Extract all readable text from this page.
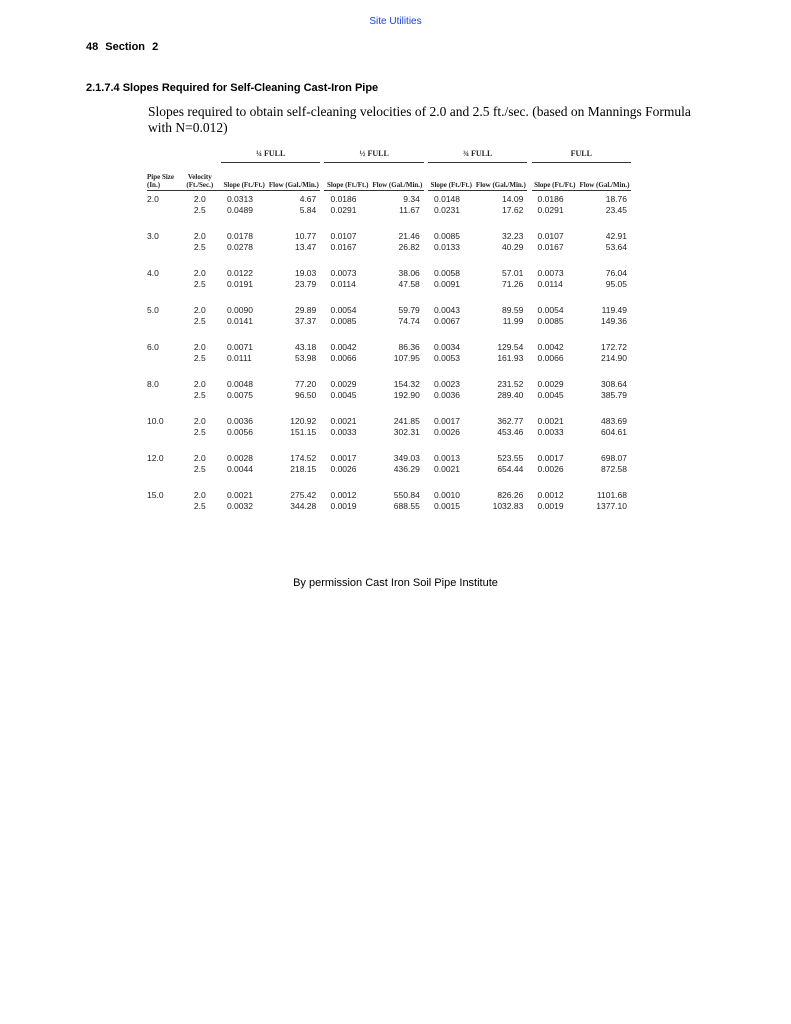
Site Utilities
48 Section 2
2.1.7.4 Slopes Required for Self-Cleaning Cast-Iron Pipe
Slopes required to obtain self-cleaning velocities of 2.0 and 2.5 ft./sec. (based on Mannings Formula with N=0.012)
		¼ FULL			½ FULL			¾ FULL			FULL	
Pipe Size (In.)	Velocity (Ft./Sec.)	Slope (Ft./Ft.)	Flow (Gal./Min.)		Slope (Ft./Ft.)	Flow (Gal./Min.)		Slope (Ft./Ft.)	Flow (Gal./Min.)		Slope (Ft./Ft.)	Flow (Gal./Min.)
2.0	2.0	0.0313	4.67		0.0186	9.34		0.0148	14.09		0.0186	18.76
	2.5	0.0489	5.84		0.0291	11.67		0.0231	17.62		0.0291	23.45

3.0	2.0	0.0178	10.77		0.0107	21.46		0.0085	32.23		0.0107	42.91
	2.5	0.0278	13.47		0.0167	26.82		0.0133	40.29		0.0167	53.64

4.0	2.0	0.0122	19.03		0.0073	38.06		0.0058	57.01		0.0073	76.04
	2.5	0.0191	23.79		0.0114	47.58		0.0091	71.26		0.0114	95.05

5.0	2.0	0.0090	29.89		0.0054	59.79		0.0043	89.59		0.0054	119.49
	2.5	0.0141	37.37		0.0085	74.74		0.0067	11.99		0.0085	149.36

6.0	2.0	0.0071	43.18		0.0042	86.36		0.0034	129.54		0.0042	172.72
	2.5	0.0111	53.98		0.0066	107.95		0.0053	161.93		0.0066	214.90

8.0	2.0	0.0048	77.20		0.0029	154.32		0.0023	231.52		0.0029	308.64
	2.5	0.0075	96.50		0.0045	192.90		0.0036	289.40		0.0045	385.79

10.0	2.0	0.0036	120.92		0.0021	241.85		0.0017	362.77		0.0021	483.69
	2.5	0.0056	151.15		0.0033	302.31		0.0026	453.46		0.0033	604.61

12.0	2.0	0.0028	174.52		0.0017	349.03		0.0013	523.55		0.0017	698.07
	2.5	0.0044	218.15		0.0026	436.29		0.0021	654.44		0.0026	872.58

15.0	2.0	0.0021	275.42		0.0012	550.84		0.0010	826.26		0.0012	1101.68
	2.5	0.0032	344.28		0.0019	688.55		0.0015	1032.83		0.0019	1377.10
By permission Cast Iron Soil Pipe Institute
